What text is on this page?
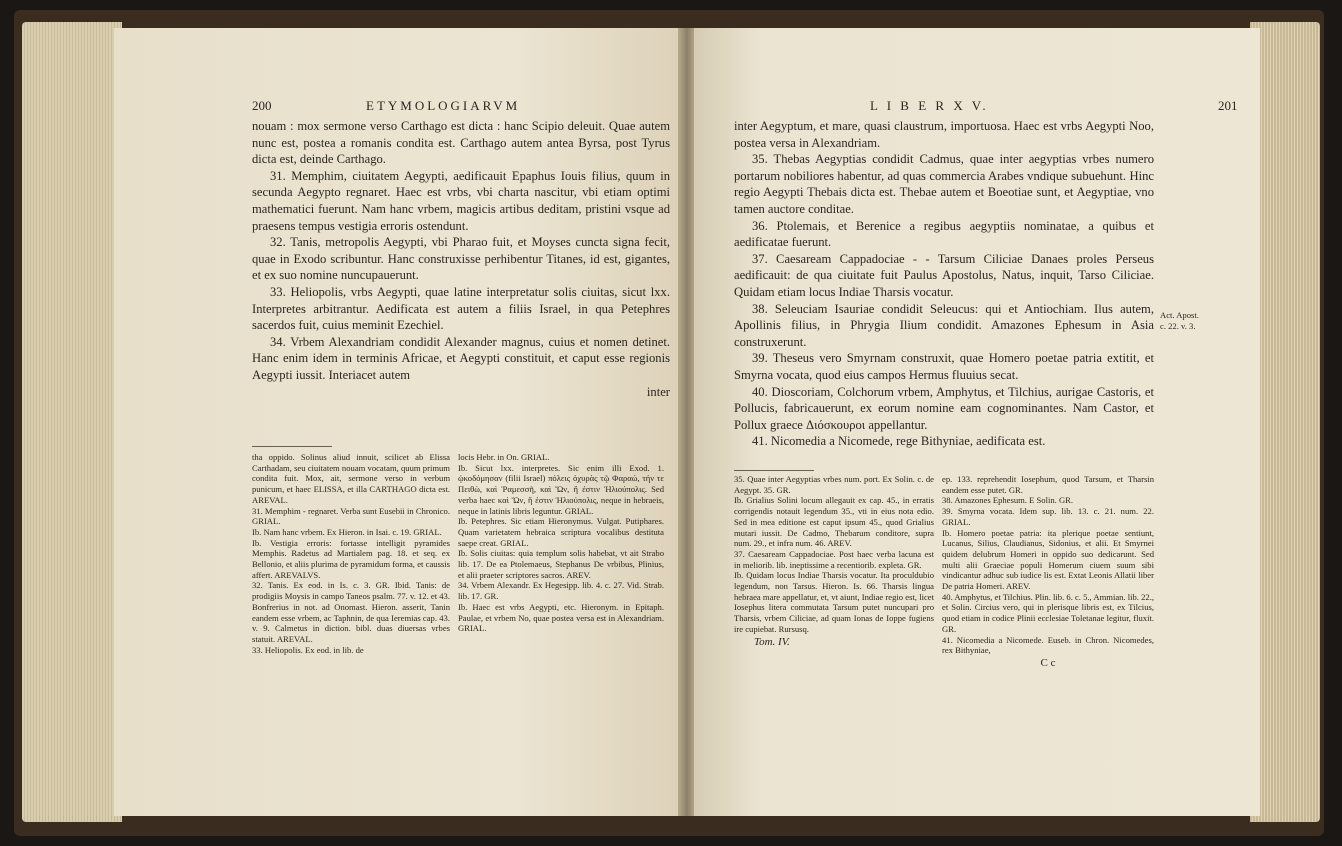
200	ETYMOLOGIARVM

nouam : mox sermone verso Carthago est dicta : hanc Scipio deleuit. Quae autem nunc est, postea a romanis condita est. Carthago autem antea Byrsa, post Tyrus dicta est, deinde Carthago.

31. Memphim, ciuitatem Aegypti, aedificauit Epaphus Iouis filius, quum in secunda Aegypto regnaret. Haec est vrbs, vbi charta nascitur, vbi etiam optimi mathematici fuerunt. Nam hanc vrbem, magicis artibus deditam, pristini vsque ad praesens tempus vestigia erroris ostendunt.

32. Tanis, metropolis Aegypti, vbi Pharao fuit, et Moyses cuncta signa fecit, quae in Exodo scribuntur. Hanc construxisse perhibentur Titanes, id est, gigantes, et ex suo nomine nuncupauerunt.

33. Heliopolis, vrbs Aegypti, quae latine interpretatur solis ciuitas, sicut lxx. Interpretes arbitrantur. Aedificata est autem a filiis Israel, in qua Petephres sacerdos fuit, cuius meminit Ezechiel.

34. Vrbem Alexandriam condidit Alexander magnus, cuius et nomen detinet. Hanc enim idem in terminis Africae, et Aegypti constituit, et caput esse regionis Aegypti iussit. Interiacet autem

inter

tha oppido. Solinus aliud innuit, scilicet ab Elissa Carthadam, seu ciuitatem nouam vocatam, quum primum condita fuit. Mox, ait, sermone verso in verbum punicum, et haec ELISSA, et illa CARTHAGO dicta est. AREVAL.

31. Memphim - regnaret. Verba sunt Eusebii in Chronico. GRIAL.

Ib. Nam hanc vrbem. Ex Hieron. in Isai. c. 19. GRIAL.

Ib. Vestigia erroris: fortasse intelligit pyramides Memphis. Radetus ad Martialem pag. 18. et seq. ex Bellonio, et aliis plurima de pyramidum forma, et caussis affert. AREVALVS.

32. Tanis. Ex eod. in Is. c. 3. GR. Ibid. Tanis: de prodigiis Moysis in campo Taneos psalm. 77. v. 12. et 43. Bonfrerius in not. ad Onomast. Hieron. asserit, Tanin eandem esse vrbem, ac Taphnin, de qua Ieremias cap. 43. v. 9. Calmetus in diction. bibl. duas diuersas vrbes statuit. AREVAL.

33. Heliopolis. Ex eod. in lib. de

locis Hebr. in On. GRIAL.

Ib. Sicut lxx. interpretes. Sic enim illi Exod. 1. ᾠκοδόμησαν (filii Israel) πόλεις ὀχυρὰς τῷ Φαραώ, τήν τε Πειθὼ, καὶ Ῥαμεσσῆ, καὶ Ὤν, ἥ ἐστιν Ἡλιούπολις. Sed verba haec καὶ Ὤν, ἥ ἐστιν Ἡλιούπολις, neque in hebraeis, neque in latinis libris leguntur. GRIAL.

Ib. Petephres. Sic etiam Hieronymus. Vulgat. Putiphares. Quam varietatem hebraica scriptura vocalibus destituta saepe creat. GRIAL.

Ib. Solis ciuitas: quia templum solis habebat, vt ait Strabo lib. 17. De ea Ptolemaeus, Stephanus De vrbibus, Plinius, et alii praeter scriptores sacros. AREV.

34. Vrbem Alexandr. Ex Hegesipp. lib. 4. c. 27. Vid. Strab. lib. 17. GR.

Ib. Haec est vrbs Aegypti, etc. Hieronym. in Epitaph. Paulae, et vrbem No, quae postea versa est in Alexandriam. GRIAL.

L I B E R X V.	201

inter Aegyptum, et mare, quasi claustrum, importuosa. Haec est vrbs Aegypti Noo, postea versa in Alexandriam.

35. Thebas Aegyptias condidit Cadmus, quae inter aegyptias vrbes numero portarum nobiliores habentur, ad quas commercia Arabes vndique subuehunt. Hinc regio Aegypti Thebais dicta est. Thebae autem et Boeotiae sunt, et Aegyptiae, vno tamen auctore conditae.

36. Ptolemais, et Berenice a regibus aegyptiis nominatae, a quibus et aedificatae fuerunt.

37. Caesaream Cappadociae - - Tarsum Ciliciae Danaes proles Perseus aedificauit: de qua ciuitate fuit Paulus Apostolus, Natus, inquit, Tarso Ciliciae. Quidam etiam locus Indiae Tharsis vocatur.

38. Seleuciam Isauriae condidit Seleucus: qui et Antiochiam. Ilus autem, Apollinis filius, in Phrygia Ilium condidit. Amazones Ephesum in Asia construxerunt.

39. Theseus vero Smyrnam construxit, quae Homero poetae patria extitit, et Smyrna vocata, quod eius campos Hermus fluuius secat.

40. Dioscoriam, Colchorum vrbem, Amphytus, et Tilchius, aurigae Castoris, et Pollucis, fabricauerunt, ex eorum nomine eam cognominantes. Nam Castor, et Pollux graece Διόσκουροι appellantur.

41. Nicomedia a Nicomede, rege Bithyniae, aedificata est.

Act. Apost.
c. 22. v. 3.

35. Quae inter Aegyptias vrbes num. port. Ex Solin. c. de Aegypt. 35. GR.

Ib. Grialius Solini locum allegauit ex cap. 45., in erratis corrigendis notauit legendum 35., vti in eius nota edio. Sed in mea editione est caput ipsum 45., quod Grialius mutari iussit. De Cadmo, Thebarum conditore, supra num. 29., et infra num. 46. AREV.

37. Caesaream Cappadociae. Post haec verba lacuna est in meliorib. lib. ineptissime a recentiorib. expleta. GR.

Ib. Quidam locus Indiae Tharsis vocatur. Ita proculdubio legendum, non Tarsus. Hieron. Is. 66. Tharsis lingua hebraea mare appellatur, et, vt aiunt, Indiae regio est, licet Iosephus litera commutata Tarsum putet nuncupari pro Tharsis, vrbem Ciliciae, ad quam Ionas de Ioppe fugiens ire cupiebat. Rursusq.

Tom. IV.

ep. 133. reprehendit Iosephum, quod Tarsum, et Tharsin eandem esse putet. GR.

38. Amazones Ephesum. E Solin. GR.

39. Smyrna vocata. Idem sup. lib. 13. c. 21. num. 22. GRIAL.

Ib. Homero poetae patria: ita plerique poetae sentiunt, Lucanus, Silius, Claudianus, Sidonius, et alii. Et Smyrnei quidem delubrum Homeri in oppido suo dedicarunt. Sed multi alii Graeciae populi Homerum ciuem suum sibi vindicantur adhuc sub iudice lis est. Extat Leonis Allatii liber De patria Homeri. AREV.

40. Amphytus, et Tilchius. Plin. lib. 6. c. 5., Ammian. lib. 22., et Solin. Circius vero, qui in plerisque libris est, ex Tilcius, quod etiam in codice Plinii ecclesiae Toletanae legitur, fluxit. GR.

41. Nicomedia a Nicomede. Euseb. in Chron. Nicomedes, rex Bithyniae,

C c
